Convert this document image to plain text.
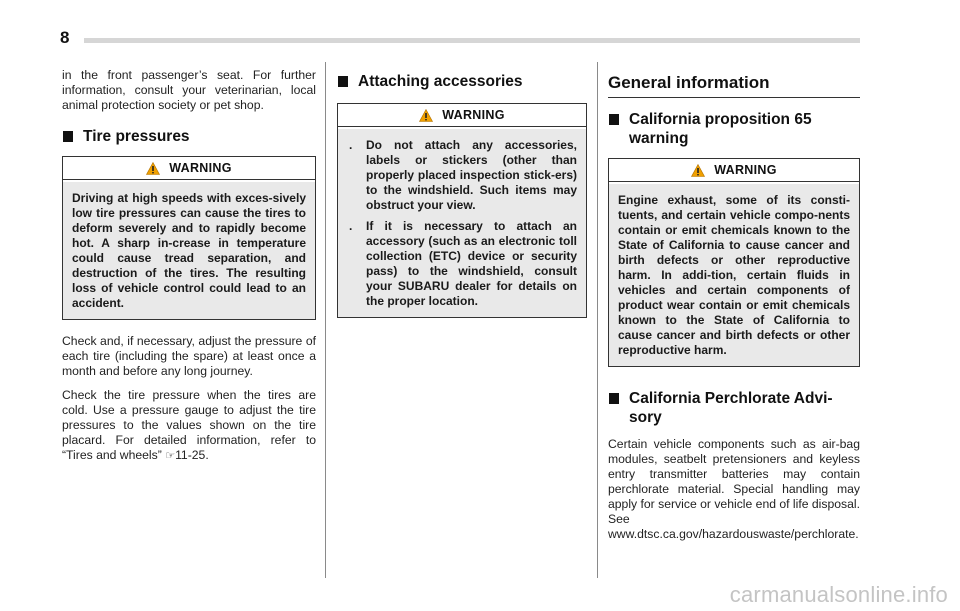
8

in the front passenger’s seat. For further information, consult your veterinarian, local animal protection society or pet shop.

Tire pressures
WARNING

Driving at high speeds with exces-sively low tire pressures can cause the tires to deform severely and to rapidly become hot. A sharp in-crease in temperature could cause tread separation, and destruction of the tires. The resulting loss of vehicle control could lead to an accident.

Check and, if necessary, adjust the pressure of each tire (including the spare) at least once a month and before any long journey.

Check the tire pressure when the tires are cold. Use a pressure gauge to adjust the tire pressures to the values shown on the tire placard. For detailed information, refer to “Tires and wheels” ☞11-25.

Attaching accessories
WARNING
. Do not attach any accessories, labels or stickers (other than properly placed inspection stick-ers) to the windshield. Such items may obstruct your view.
. If it is necessary to attach an accessory (such as an electronic toll collection (ETC) device or security pass) to the windshield, consult your SUBARU dealer for details on the proper location.
General information
California proposition 65 warning
WARNING

Engine exhaust, some of its consti-tuents, and certain vehicle compo-nents contain or emit chemicals known to the State of California to cause cancer and birth defects or other reproductive harm. In addi-tion, certain fluids in vehicles and certain components of product wear contain or emit chemicals known to the State of California to cause cancer and birth defects or other reproductive harm.

California Perchlorate Advi-sory

Certain vehicle components such as air-bag modules, seatbelt pretensioners and keyless entry transmitter batteries may contain perchlorate material. Special handling may apply for service or vehicle end of life disposal. See www.dtsc.ca.gov/hazardouswaste/perchlorate.

carmanualsonline.info
